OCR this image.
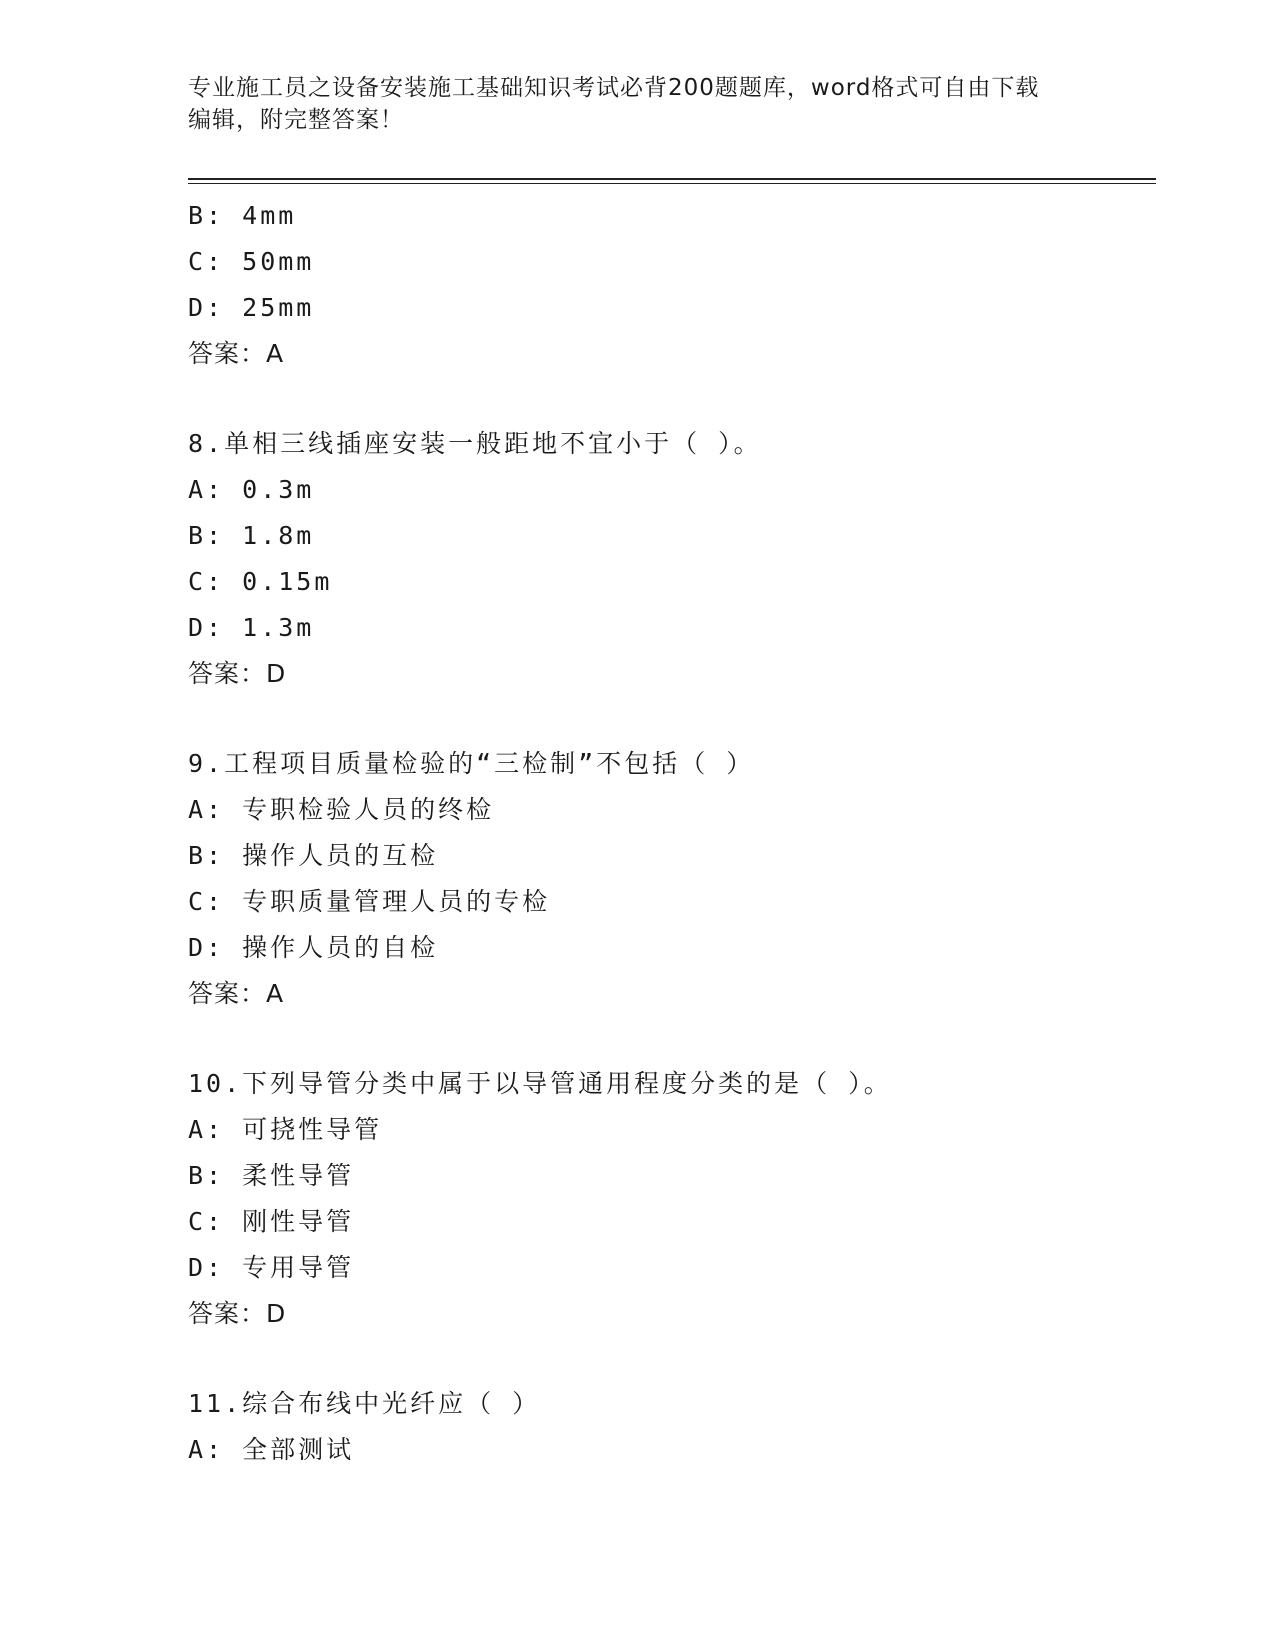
专业施工员之设备安装施工基础知识考试必背200题题库，word格式可自由下载
编辑，附完整答案！
B: 4mm
C: 50mm
D: 25mm
答案：A
8.单相三线插座安装一般距地不宜小于（ ）。
A: 0.3m
B: 1.8m
C: 0.15m
D: 1.3m
答案：D
9.工程项目质量检验的“三检制”不包括（ ）
A: 专职检验人员的终检
B: 操作人员的互检
C: 专职质量管理人员的专检
D: 操作人员的自检
答案：A
10.下列导管分类中属于以导管通用程度分类的是（ ）。
A: 可挠性导管
B: 柔性导管
C: 刚性导管
D: 专用导管
答案：D
11.综合布线中光纤应（ ）
A: 全部测试
